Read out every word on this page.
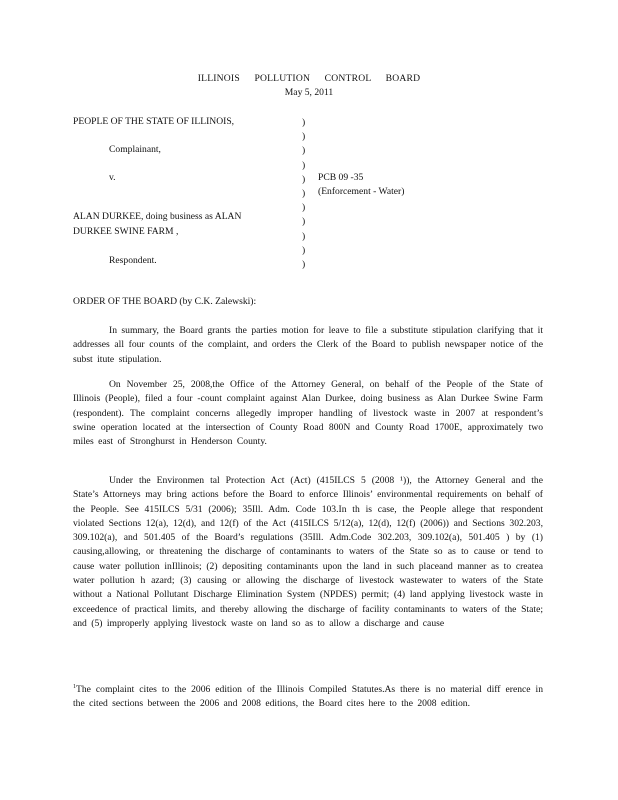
ILLINOIS POLLUTION CONTROL BOARD
May 5, 2011
PEOPLE OF THE STATE OF ILLINOIS,
Complainant,
v.
ALAN DURKEE, doing business as ALAN
DURKEE SWINE FARM ,
Respondent.
)
)
)
)
)
)
)
)
)
)
)
PCB 09 -35
(Enforcement - Water)
ORDER OF THE BOARD (by C.K. Zalewski):
In summary, the Board grants the parties motion for leave to file a substitute stipulation clarifying that it addresses all four counts of the complaint, and orders the Clerk of the Board to publish newspaper notice of the subst itute stipulation.
On November 25, 2008,the Office of the Attorney General, on behalf of the People of the State of Illinois (People), filed a four -count complaint against Alan Durkee, doing business as Alan Durkee Swine Farm (respondent). The complaint concerns allegedly improper handling of livestock waste in 2007 at respondent’s swine operation located at the intersection of County Road 800N and County Road 1700E, approximately two miles east of Stronghurst in Henderson County.
Under the Environmen tal Protection Act (Act) (415ILCS 5 (2008 ¹)), the Attorney General and the State’s Attorneys may bring actions before the Board to enforce Illinois’ environmental requirements on behalf of the People. See 415ILCS 5/31 (2006); 35Ill. Adm. Code 103.In th is case, the People allege that respondent violated Sections 12(a), 12(d), and 12(f) of the Act (415ILCS 5/12(a), 12(d), 12(f) (2006)) and Sections 302.203, 309.102(a), and 501.405 of the Board’s regulations (35Ill. Adm.Code 302.203, 309.102(a), 501.405 ) by (1) causing,allowing, or threatening the discharge of contaminants to waters of the State so as to cause or tend to cause water pollution inIllinois; (2) depositing contaminants upon the land in such placeand manner as to createa water pollution h azard; (3) causing or allowing the discharge of livestock wastewater to waters of the State without a National Pollutant Discharge Elimination System (NPDES) permit; (4) land applying livestock waste in exceedence of practical limits, and thereby allowing the discharge of facility contaminants to waters of the State; and (5) improperly applying livestock waste on land so as to allow a discharge and cause
$^1$The complaint cites to the 2006 edition of the Illinois Compiled Statutes.As there is no material diff erence in the cited sections between the 2006 and 2008 editions, the Board cites here to the 2008 edition.
